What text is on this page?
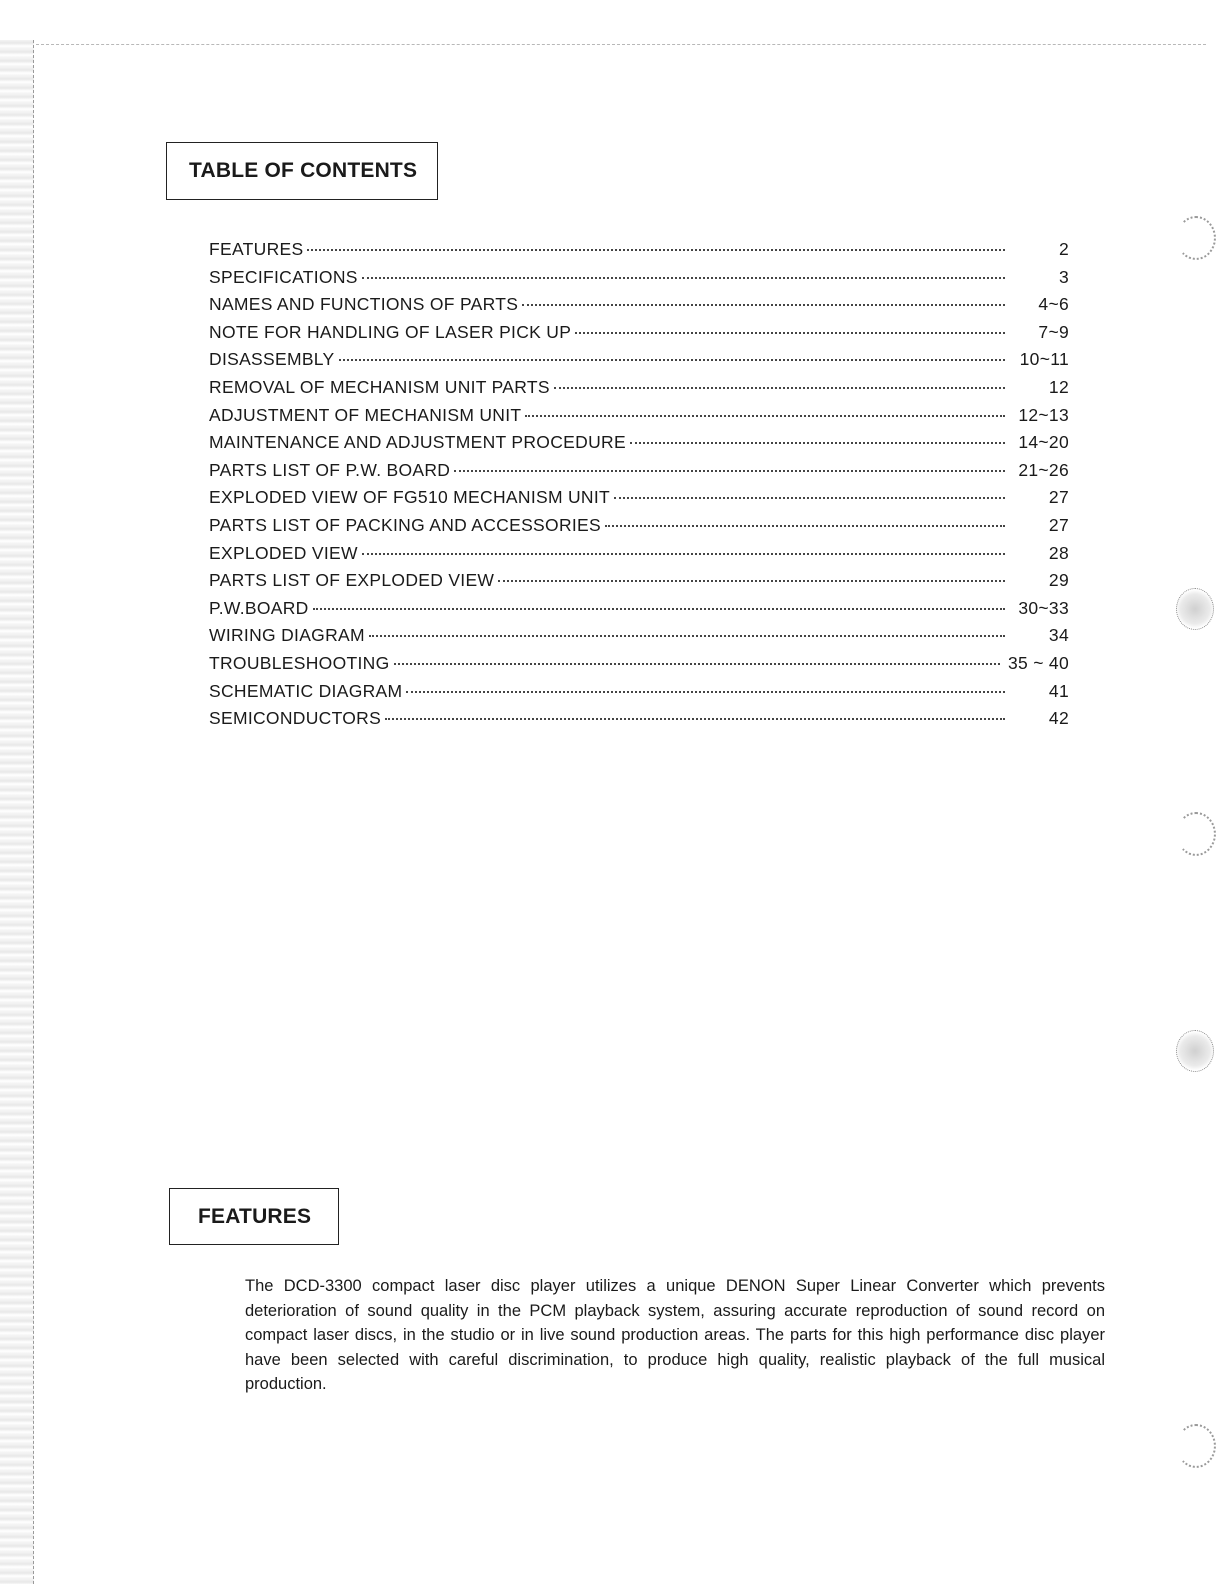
TABLE OF CONTENTS
FEATURES	2
SPECIFICATIONS	3
NAMES AND FUNCTIONS OF PARTS	4~6
NOTE FOR HANDLING OF LASER PICK UP	7~9
DISASSEMBLY	10~11
REMOVAL OF MECHANISM UNIT PARTS	12
ADJUSTMENT OF MECHANISM UNIT	12~13
MAINTENANCE AND ADJUSTMENT PROCEDURE	14~20
PARTS LIST OF P.W. BOARD	21~26
EXPLODED VIEW OF FG510 MECHANISM UNIT	27
PARTS LIST OF PACKING AND ACCESSORIES	27
EXPLODED VIEW	28
PARTS LIST OF EXPLODED VIEW	29
P.W.BOARD	30~33
WIRING DIAGRAM	34
TROUBLESHOOTING	35 ~ 40
SCHEMATIC DIAGRAM	41
SEMICONDUCTORS	42
FEATURES

The DCD-3300 compact laser disc player utilizes a unique DENON Super Linear Converter which prevents deterioration of sound quality in the PCM playback system, assuring accurate reproduction of sound record on compact laser discs, in the studio or in live sound production areas. The parts for this high performance disc player have been selected with careful discrimination, to produce high quality, realistic playback of the full musical production.
